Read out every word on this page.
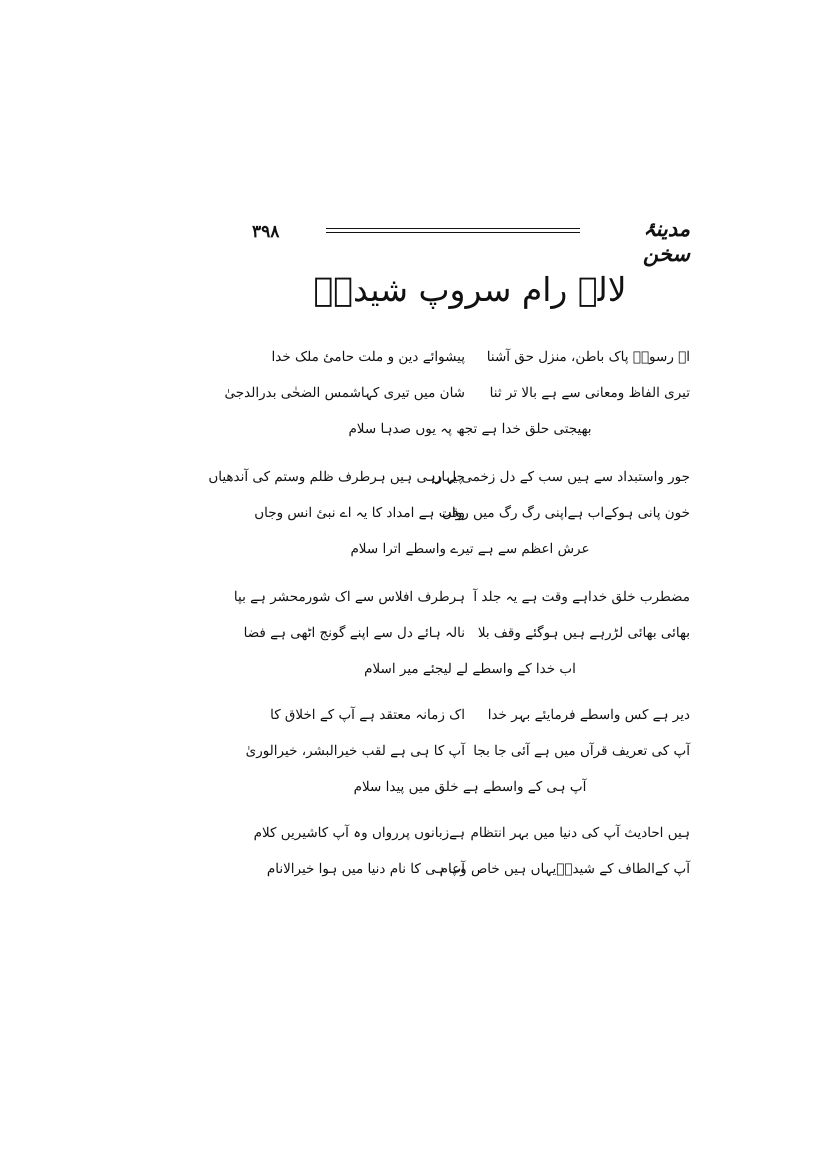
مدینۂ سخن
۳۹۸
لالہ رام سروپ شیداؔ
اے رسولؐ پاک باطن، منزل حق آشنا
پیشوائے دین و ملت حامیٔ ملک خدا
تیری الفاظ ومعانی سے ہے بالا تر ثنا
شان میں تیری کہاشمس الضحٰی بدرالدجیٰ
بھیجتی حلق خدا ہے تجھ پہ یوں صدہا سلام
جور واستبداد سے ہیں سب کے دل زخمی یہاں
چل رہی ہیں ہرطرف ظلم وستم کی آندھیاں
خون پانی ہوکےاب ہےاپنی رگ رگ میں رواں
وقت ہے امداد کا یہ اے نبیٔ انس وجاں
عرش اعظم سے ہے تیرے واسطے اترا سلام
مضطرب خلق خداہے وقت ہے یہ جلد آ
ہرطرف افلاس سے اک شورمحشر ہے بپا
بھائی بھائی لڑرہے ہیں ہوگئے وقف بلا
نالہ ہائے دل سے اپنے گونج اٹھی ہے فضا
اب خدا کے واسطے لے لیجئے میر اسلام
دیر ہے کس واسطے فرمایئے بہر خدا
اک زمانہ معتقد ہے آپ کے اخلاق کا
آپ کی تعریف قرآں میں ہے آئی جا بجا
آپ کا ہی ہے لقب خیرالبشر، خیرالوریٰ
آپ ہی کے واسطے ہے خلق میں پیدا سلام
ہیں احادیث آپ کی دنیا میں بہر انتظام
ہےزبانوں پررواں وہ آپ کاشیریں کلام
آپ کےالطاف کے شیداؔیہاں ہیں خاص وعام
آپ ہی کا نام دنیا میں ہوا خیرالانام
